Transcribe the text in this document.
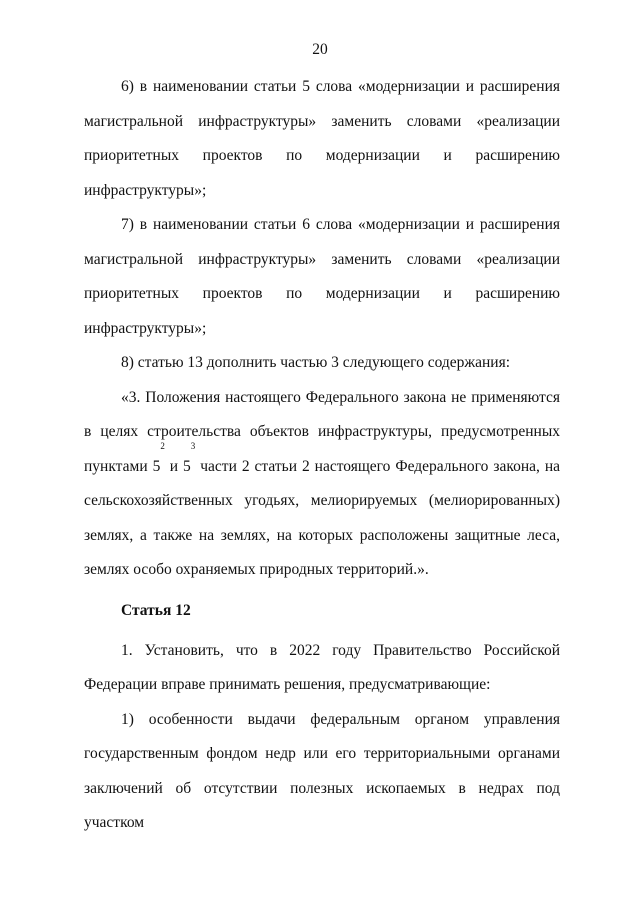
20

6) в наименовании статьи 5 слова «модернизации и расширения магистральной инфраструктуры» заменить словами «реализации приоритетных проектов по модернизации и расширению инфраструктуры»;

7) в наименовании статьи 6 слова «модернизации и расширения магистральной инфраструктуры» заменить словами «реализации приоритетных проектов по модернизации и расширению инфраструктуры»;

8) статью 13 дополнить частью 3 следующего содержания:

«3. Положения настоящего Федерального закона не применяются в целях строительства объектов инфраструктуры, предусмотренных пунктами $5^2$ и $5^3$ части 2 статьи 2 настоящего Федерального закона, на сельскохозяйственных угодьях, мелиорируемых (мелиорированных) землях, а также на землях, на которых расположены защитные леса, землях особо охраняемых природных территорий.».

Статья 12

1. Установить, что в 2022 году Правительство Российской Федерации вправе принимать решения, предусматривающие:

1) особенности выдачи федеральным органом управления государственным фондом недр или его территориальными органами заключений об отсутствии полезных ископаемых в недрах под участком
